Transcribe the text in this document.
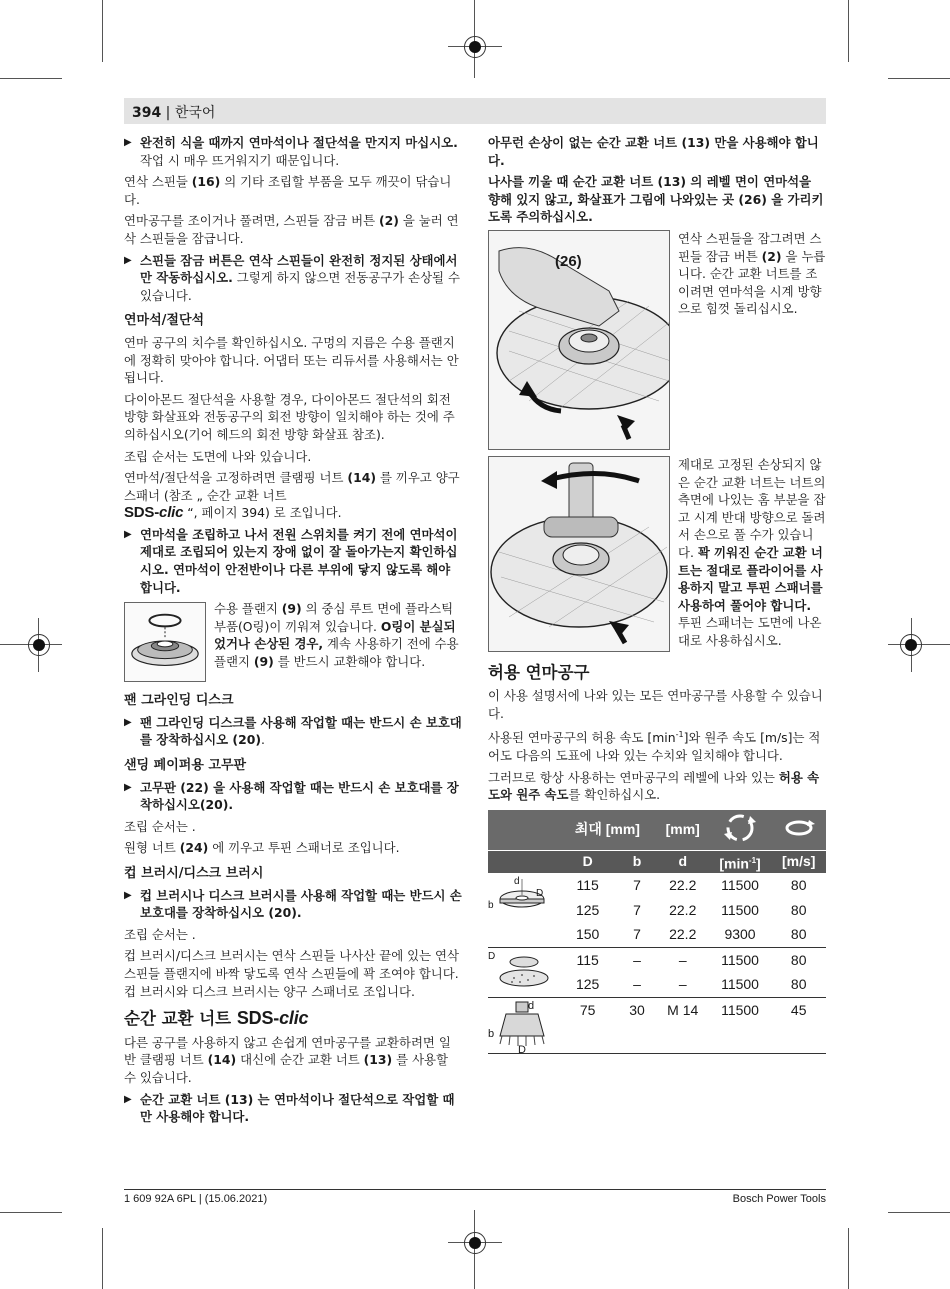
394 | 한국어
▶ 완전히 식을 때까지 연마석이나 절단석을 만지지 마십시오. 작업 시 매우 뜨거워지기 때문입니다.

연삭 스핀들 (16) 의 기타 조립할 부품을 모두 깨끗이 닦습니다.

연마공구를 조이거나 풀려면, 스핀들 잠금 버튼 (2) 을 눌러 연삭 스핀들을 잠급니다.

▶ 스핀들 잠금 버튼은 연삭 스핀들이 완전히 정지된 상태에서만 작동하십시오. 그렇게 하지 않으면 전동공구가 손상될 수 있습니다.
연마석/절단석

연마 공구의 치수를 확인하십시오. 구멍의 지름은 수용 플랜지에 정확히 맞아야 합니다. 어댑터 또는 리듀서를 사용해서는 안 됩니다.

다이아몬드 절단석을 사용할 경우, 다이아몬드 절단석의 회전 방향 화살표와 전동공구의 회전 방향이 일치해야 하는 것에 주의하십시오(기어 헤드의 회전 방향 화살표 참조).

조립 순서는 도면에 나와 있습니다.

연마석/절단석을 고정하려면 클램핑 너트 (14) 를 끼우고 양구 스패너 (참조 „ 순간 교환 너트
SDS-clic “, 페이지 394) 로 조입니다.

▶ 연마석을 조립하고 나서 전원 스위치를 켜기 전에 연마석이 제대로 조립되어 있는지 장애 없이 잘 돌아가는지 확인하십시오. 연마석이 안전반이나 다른 부위에 닿지 않도록 해야 합니다.

수용 플랜지 (9) 의 중심 루트 면에 플라스틱 부품(O링)이 끼워져 있습니다. O링이 분실되었거나 손상된 경우, 계속 사용하기 전에 수용 플랜지 (9) 를 반드시 교환해야 합니다.

팬 그라인딩 디스크
▶ 팬 그라인딩 디스크를 사용해 작업할 때는 반드시 손 보호대를 장착하십시오 (20).
샌딩 페이퍼용 고무판
▶ 고무판 (22) 을 사용해 작업할 때는 반드시 손 보호대를 장착하십시오(20).

조립 순서는 .

원형 너트 (24) 에 끼우고 투핀 스패너로 조입니다.

컵 브러시/디스크 브러시
▶ 컵 브러시나 디스크 브러시를 사용해 작업할 때는 반드시 손 보호대를 장착하십시오 (20).

조립 순서는 .

컵 브러시/디스크 브러시는 연삭 스핀들 나사산 끝에 있는 연삭 스핀들 플랜지에 바짝 닿도록 연삭 스핀들에 꽉 조여야 합니다. 컵 브러시와 디스크 브러시는 양구 스패너로 조입니다.

순간 교환 너트 SDS-clic

다른 공구를 사용하지 않고 손쉽게 연마공구를 교환하려면 일반 클램핑 너트 (14) 대신에 순간 교환 너트 (13) 를 사용할 수 있습니다.

▶ 순간 교환 너트 (13) 는 연마석이나 절단석으로 작업할 때만 사용해야 합니다.

아무런 손상이 없는 순간 교환 너트 (13) 만을 사용해야 합니다.

나사를 끼울 때 순간 교환 너트 (13) 의 레벨 면이 연마석을 향해 있지 않고, 화살표가 그림에 나와있는 곳 (26) 을 가리키도록 주의하십시오.

(26)

연삭 스핀들을 잠그려면 스핀들 잠금 버튼 (2) 을 누릅니다. 순간 교환 너트를 조이려면 연마석을 시계 방향으로 힘껏 돌리십시오.

제대로 고정된 손상되지 않은 순간 교환 너트는 너트의 측면에 나있는 홈 부분을 잡고 시계 반대 방향으로 돌려서 손으로 풀 수가 있습니다. 꽉 끼워진 순간 교환 너트는 절대로 플라이어를 사용하지 말고 투핀 스패너를 사용하여 풀어야 합니다. 투핀 스패너는 도면에 나온 대로 사용하십시오.

허용 연마공구

이 사용 설명서에 나와 있는 모든 연마공구를 사용할 수 있습니다.

사용된 연마공구의 허용 속도 $[\min^{-1}]$와 원주 속도 [m/s]는 적어도 다음의 도표에 나와 있는 수치와 일치해야 합니다.

그러므로 항상 사용하는 연마공구의 레벨에 나와 있는 허용 속도와 원주 속도를 확인하십시오.

	최대 [mm]		[mm]		
	D	b	d	$[\min^{-1}]$	[m/s]

d
D
b	115	7	22.2	11500	80
	125	7	22.2	11500	80
	150	7	22.2	9300	80

D	115	–	–	11500	80
	125	–	–	11500	80

d
b
D	75	30	M 14	11500	45
1 609 92A 6PL | (15.06.2021)	Bosch Power Tools
